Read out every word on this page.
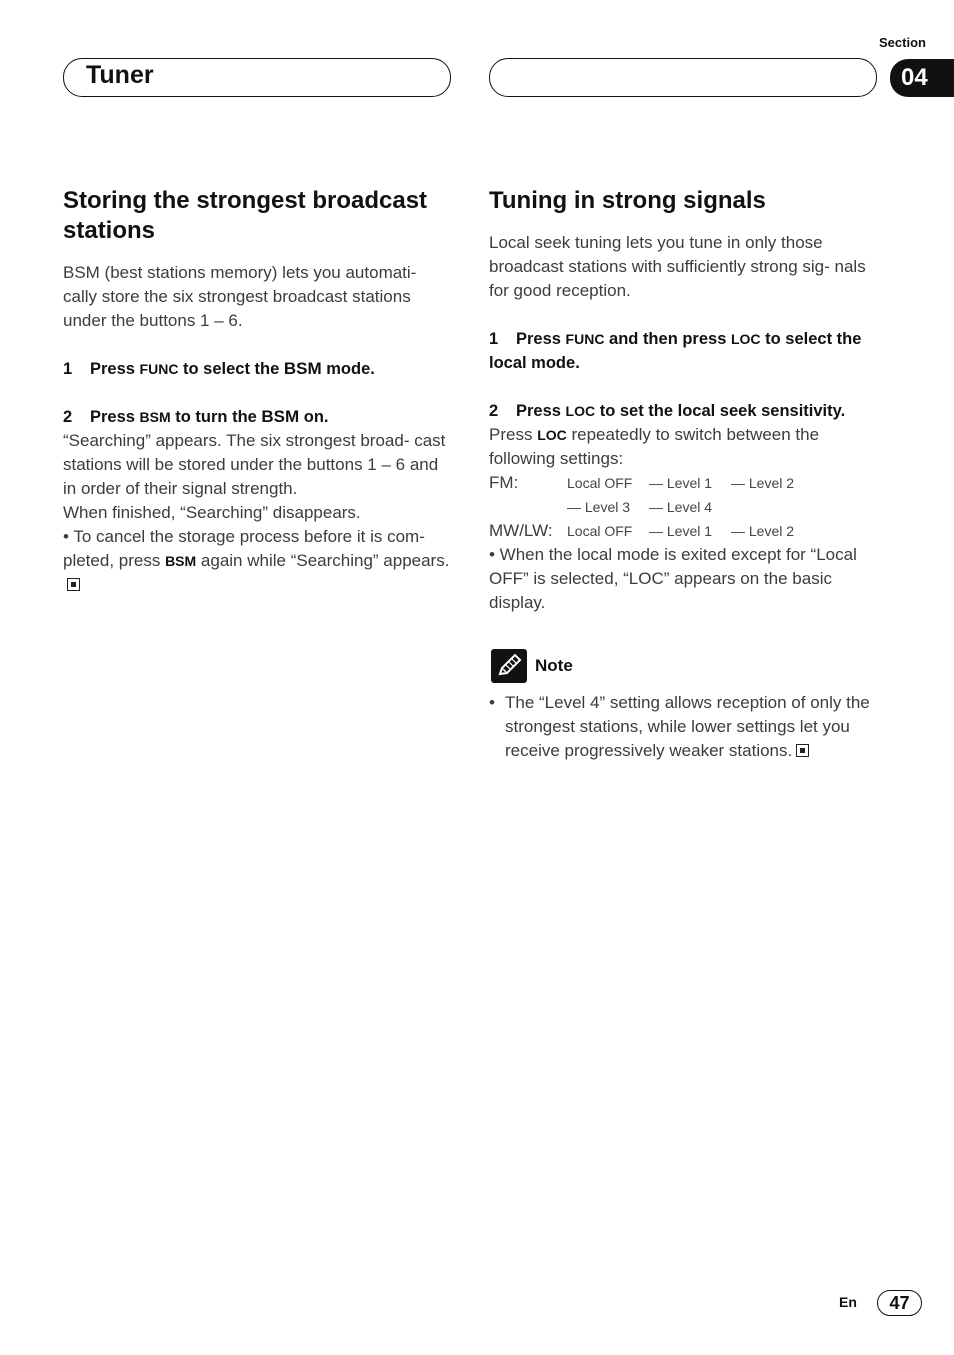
Section
04
Tuner
Storing the strongest broadcast stations

BSM (best stations memory) lets you automati- cally store the six strongest broadcast stations under the buttons 1 – 6.

1 Press FUNC to select the BSM mode.
2 Press BSM to turn the BSM on.

“Searching” appears. The six strongest broad- cast stations will be stored under the buttons 1 – 6 and in order of their signal strength.

When finished, “Searching” disappears.

• To cancel the storage process before it is com- pleted, press BSM again while “Searching” appears.

Tuning in strong signals

Local seek tuning lets you tune in only those broadcast stations with sufficiently strong sig- nals for good reception.

1 Press FUNC and then press LOC to select the local mode.
2 Press LOC to set the local seek sensitivity.

Press LOC repeatedly to switch between the following settings:

FM:	Local OFF — Level 1 — Level 2
— Level 3 — Level 4
MW/LW:	Local OFF — Level 1 — Level 2

• When the local mode is exited except for “Local OFF” is selected, “LOC” appears on the basic display.

Note
• The “Level 4” setting allows reception of only the strongest stations, while lower settings let you receive progressively weaker stations.
En	47
